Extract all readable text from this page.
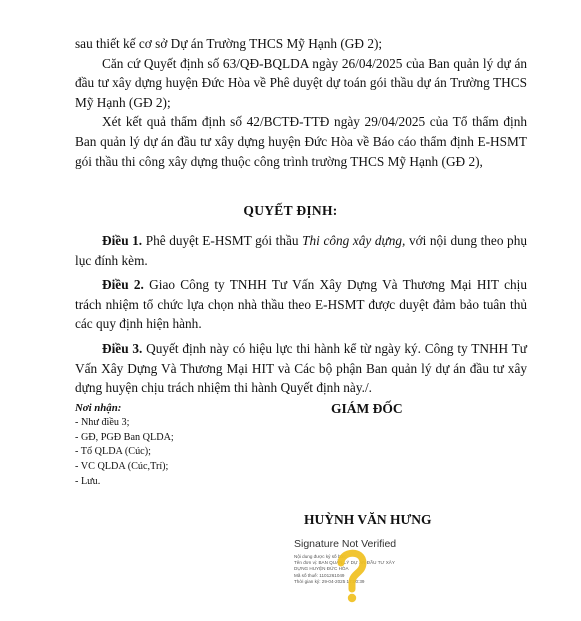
sau thiết kế cơ sở Dự án Trường THCS Mỹ Hạnh (GĐ 2);

Căn cứ Quyết định số 63/QĐ-BQLDA ngày 26/04/2025 của Ban quản lý dự án đầu tư xây dựng huyện Đức Hòa về Phê duyệt dự toán gói thầu dự án Trường THCS Mỹ Hạnh (GĐ 2);

Xét kết quả thẩm định số 42/BCTĐ-TTĐ ngày 29/04/2025 của Tổ thẩm định Ban quản lý dự án đầu tư xây dựng huyện Đức Hòa về Báo cáo thẩm định E-HSMT gói thầu thi công xây dựng thuộc công trình trường THCS Mỹ Hạnh (GĐ 2),

QUYẾT ĐỊNH:

Điều 1. Phê duyệt E-HSMT gói thầu Thi công xây dựng, với nội dung theo phụ lục đính kèm.

Điều 2. Giao Công ty TNHH Tư Vấn Xây Dựng Và Thương Mại HIT chịu trách nhiệm tổ chức lựa chọn nhà thầu theo E-HSMT được duyệt đảm bảo tuân thủ các quy định hiện hành.

Điều 3. Quyết định này có hiệu lực thi hành kể từ ngày ký. Công ty TNHH Tư Vấn Xây Dựng Và Thương Mại HIT và Các bộ phận Ban quản lý dự án đầu tư xây dựng huyện chịu trách nhiệm thi hành Quyết định này./.

Nơi nhận:
- Như điều 3;
- GĐ, PGĐ Ban QLDA;
- Tổ QLDA (Cúc);
- VC QLDA (Cúc,Trí);
- Lưu.
GIÁM ĐỐC
HUỲNH VĂN HƯNG
Signature Not Verified
Nội dung được ký số bởi:
Tên đơn vị: BAN QUẢN LÝ DỰ ÁN ĐẦU TƯ XÂY
DỰNG HUYỆN ĐỨC HÒA
Mã số thuế: 1101261049
Thời gian ký: 29-04-2025 17:00:39
